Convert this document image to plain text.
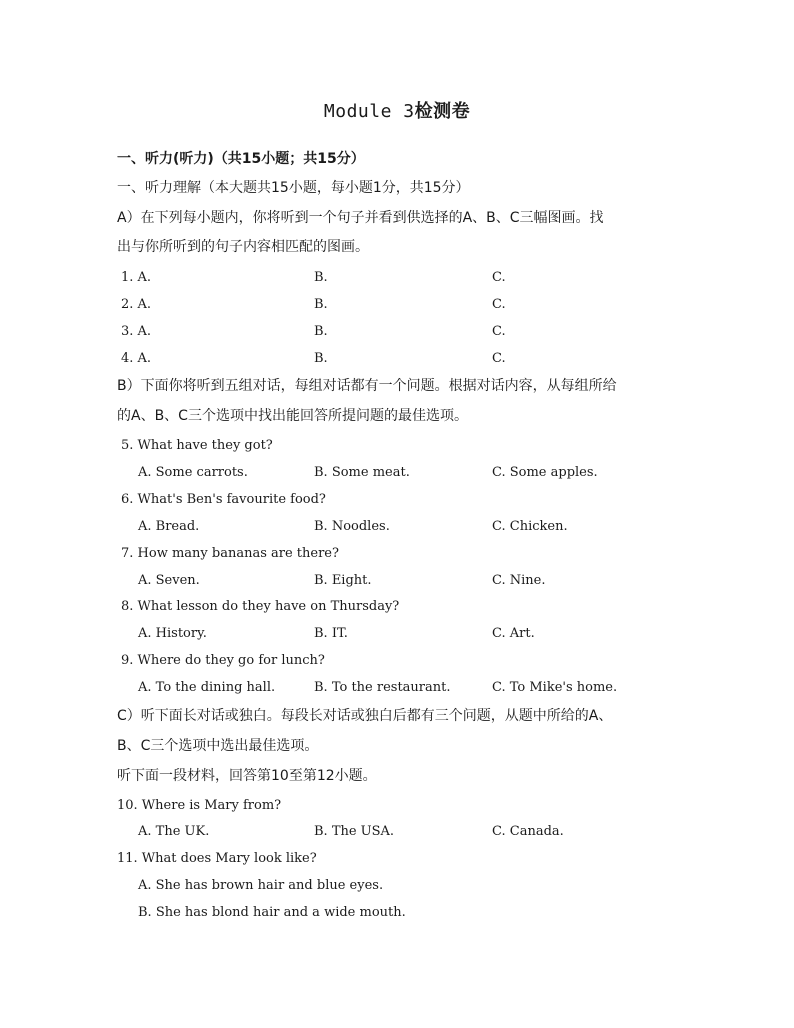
Module 3检测卷
一、听力(听力)（共15小题；共15分）
一、听力理解（本大题共15小题，每小题1分，共15分）
A）在下列每小题内，你将听到一个句子并看到供选择的A、B、C三幅图画。找
出与你所听到的句子内容相匹配的图画。
1. A.	B.	C.
2. A.	B.	C.
3. A.	B.	C.
4. A.	B.	C.
B）下面你将听到五组对话，每组对话都有一个问题。根据对话内容，从每组所给
的A、B、C三个选项中找出能回答所提问题的最佳选项。
5. What have they got?
A. Some carrots.	B. Some meat.	C. Some apples.
6. What's Ben's favourite food?
A. Bread.	B. Noodles.	C. Chicken.
7. How many bananas are there?
A. Seven.	B. Eight.	C. Nine.
8. What lesson do they have on Thursday?
A. History.	B. IT.	C. Art.
9. Where do they go for lunch?
A. To the dining hall.	B. To the restaurant.	C. To Mike's home.
C）听下面长对话或独白。每段长对话或独白后都有三个问题，从题中所给的A、
B、C三个选项中选出最佳选项。
听下面一段材料，回答第10至第12小题。
10. Where is Mary from?
A. The UK.	B. The USA.	C. Canada.
11. What does Mary look like?
A. She has brown hair and blue eyes.
B. She has blond hair and a wide mouth.
